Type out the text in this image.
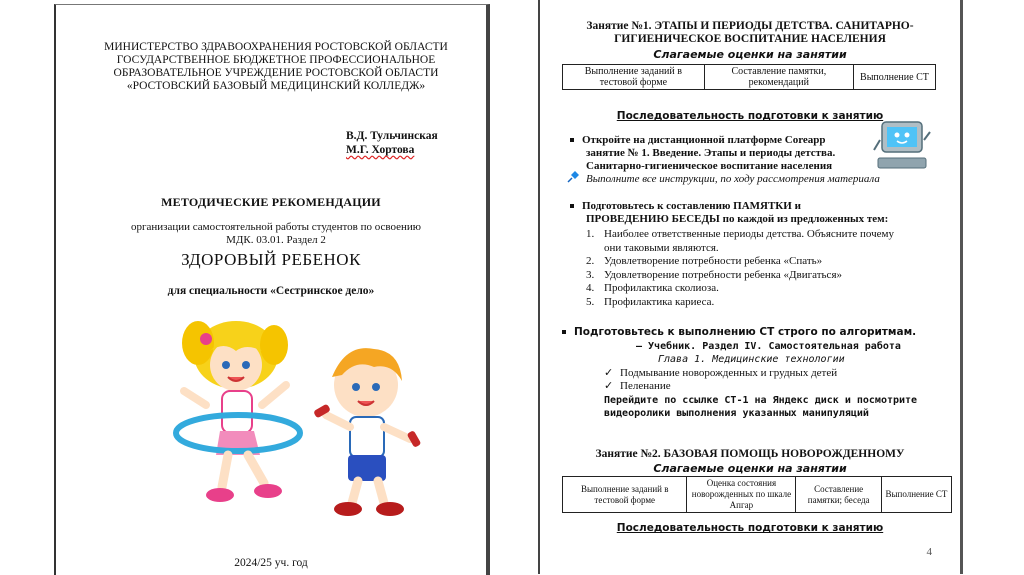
МИНИСТЕРСТВО ЗДРАВООХРАНЕНИЯ РОСТОВСКОЙ ОБЛАСТИ
ГОСУДАРСТВЕННОЕ БЮДЖЕТНОЕ ПРОФЕССИОНАЛЬНОЕ
ОБРАЗОВАТЕЛЬНОЕ УЧРЕЖДЕНИЕ РОСТОВСКОЙ ОБЛАСТИ
«РОСТОВСКИЙ БАЗОВЫЙ МЕДИЦИНСКИЙ КОЛЛЕДЖ»
В.Д. Тульчинская
М.Г. Хортова
МЕТОДИЧЕСКИЕ РЕКОМЕНДАЦИИ
организации самостоятельной работы студентов по освоению
МДК. 03.01. Раздел 2
ЗДОРОВЫЙ РЕБЕНОК
для специальности «Сестринское дело»
2024/25 уч. год
Занятие №1. ЭТАПЫ И ПЕРИОДЫ ДЕТСТВА. САНИТАРНО-
ГИГИЕНИЧЕСКОЕ ВОСПИТАНИЕ НАСЕЛЕНИЯ
Слагаемые оценки на занятии
Выполнение заданий в тестовой форме	Составление памятки, рекомендаций	Выполнение СТ
Последовательность подготовки к занятию
Откройте на дистанционной платформе Coreapp
занятие № 1. Введение. Этапы и периоды детства.
Санитарно-гигиеническое воспитание населения
Выполните все инструкции, по ходу рассмотрения материала
Подготовьтесь к составлению ПАМЯТКИ и
ПРОВЕДЕНИЮ БЕСЕДЫ по каждой из предложенных тем:
1. Наиболее ответственные периоды детства. Объясните почему
они таковыми являются.
2. Удовлетворение потребности ребенка «Спать»
3. Удовлетворение потребности ребенка «Двигаться»
4. Профилактика сколиоза.
5. Профилактика кариеса.
Подготовьтесь к выполнению СТ строго по алгоритмам.
– Учебник. Раздел IV. Самостоятельная работа
Глава 1. Медицинские технологии
✓ Подмывание новорожденных и грудных детей
✓ Пеленание
Перейдите по ссылке СТ-1 на Яндекс диск и посмотрите
видеоролики выполнения указанных манипуляций
Занятие №2. БАЗОВАЯ ПОМОЩЬ НОВОРОЖДЕННОМУ
Слагаемые оценки на занятии
Выполнение заданий в тестовой форме	Оценка состояния новорожденных по шкале Апгар	Составление памятки; беседа	Выполнение СТ
Последовательность подготовки к занятию
4
